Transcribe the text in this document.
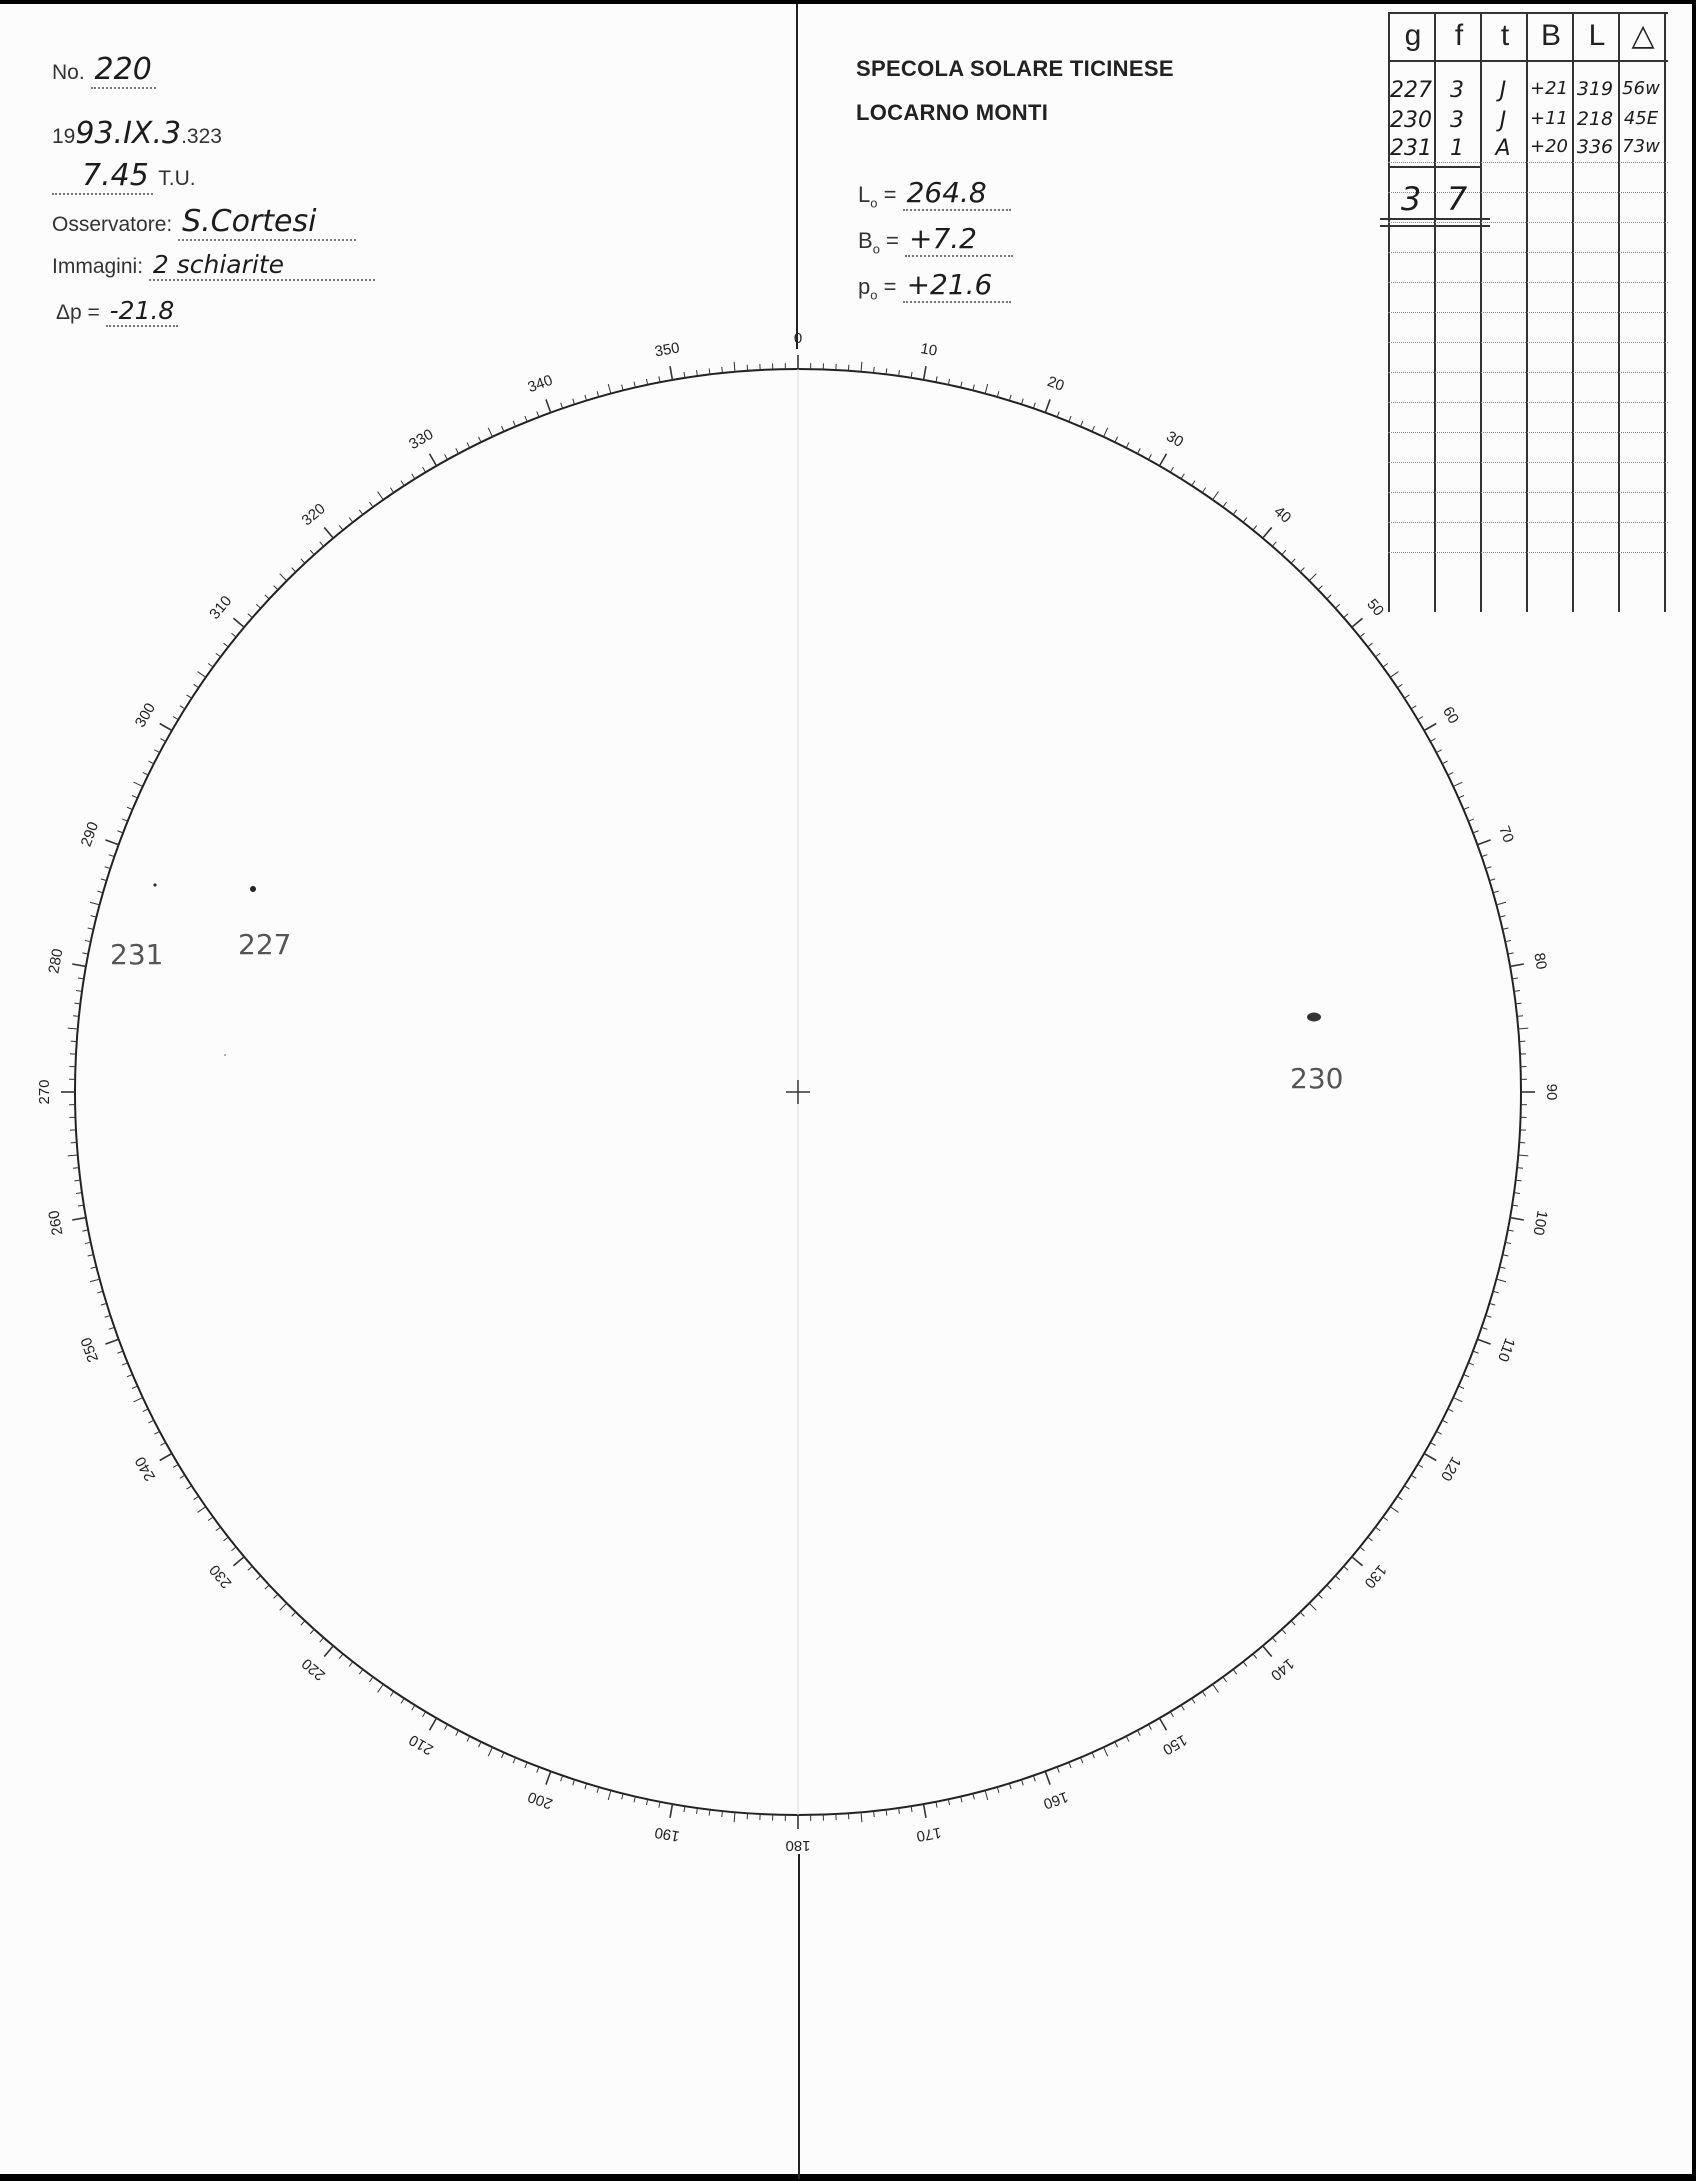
No. 220
1993.IX.3.323
7.45 T.U.
Osservatore: S.Cortesi
Immagini: 2 schiarite
Δp = -21.8
SPECOLA SOLARE TICINESE
LOCARNO MONTI
$L_o = 264.8$
$B_o = +7.2$
$p_o = +21.6$
g	f	t	B L △
227 3	J	+21 319 56w
230 3	J	+11 218 45E
231 1	A	+20 336 73w
3 7
0
10
20
30
40
50
60
70
80
90
100
110
120
130
140
150
160
170
180
190
200
210
220
230
240
250
260
270
280
290
300
310
320
330
340
350
231	227
230
